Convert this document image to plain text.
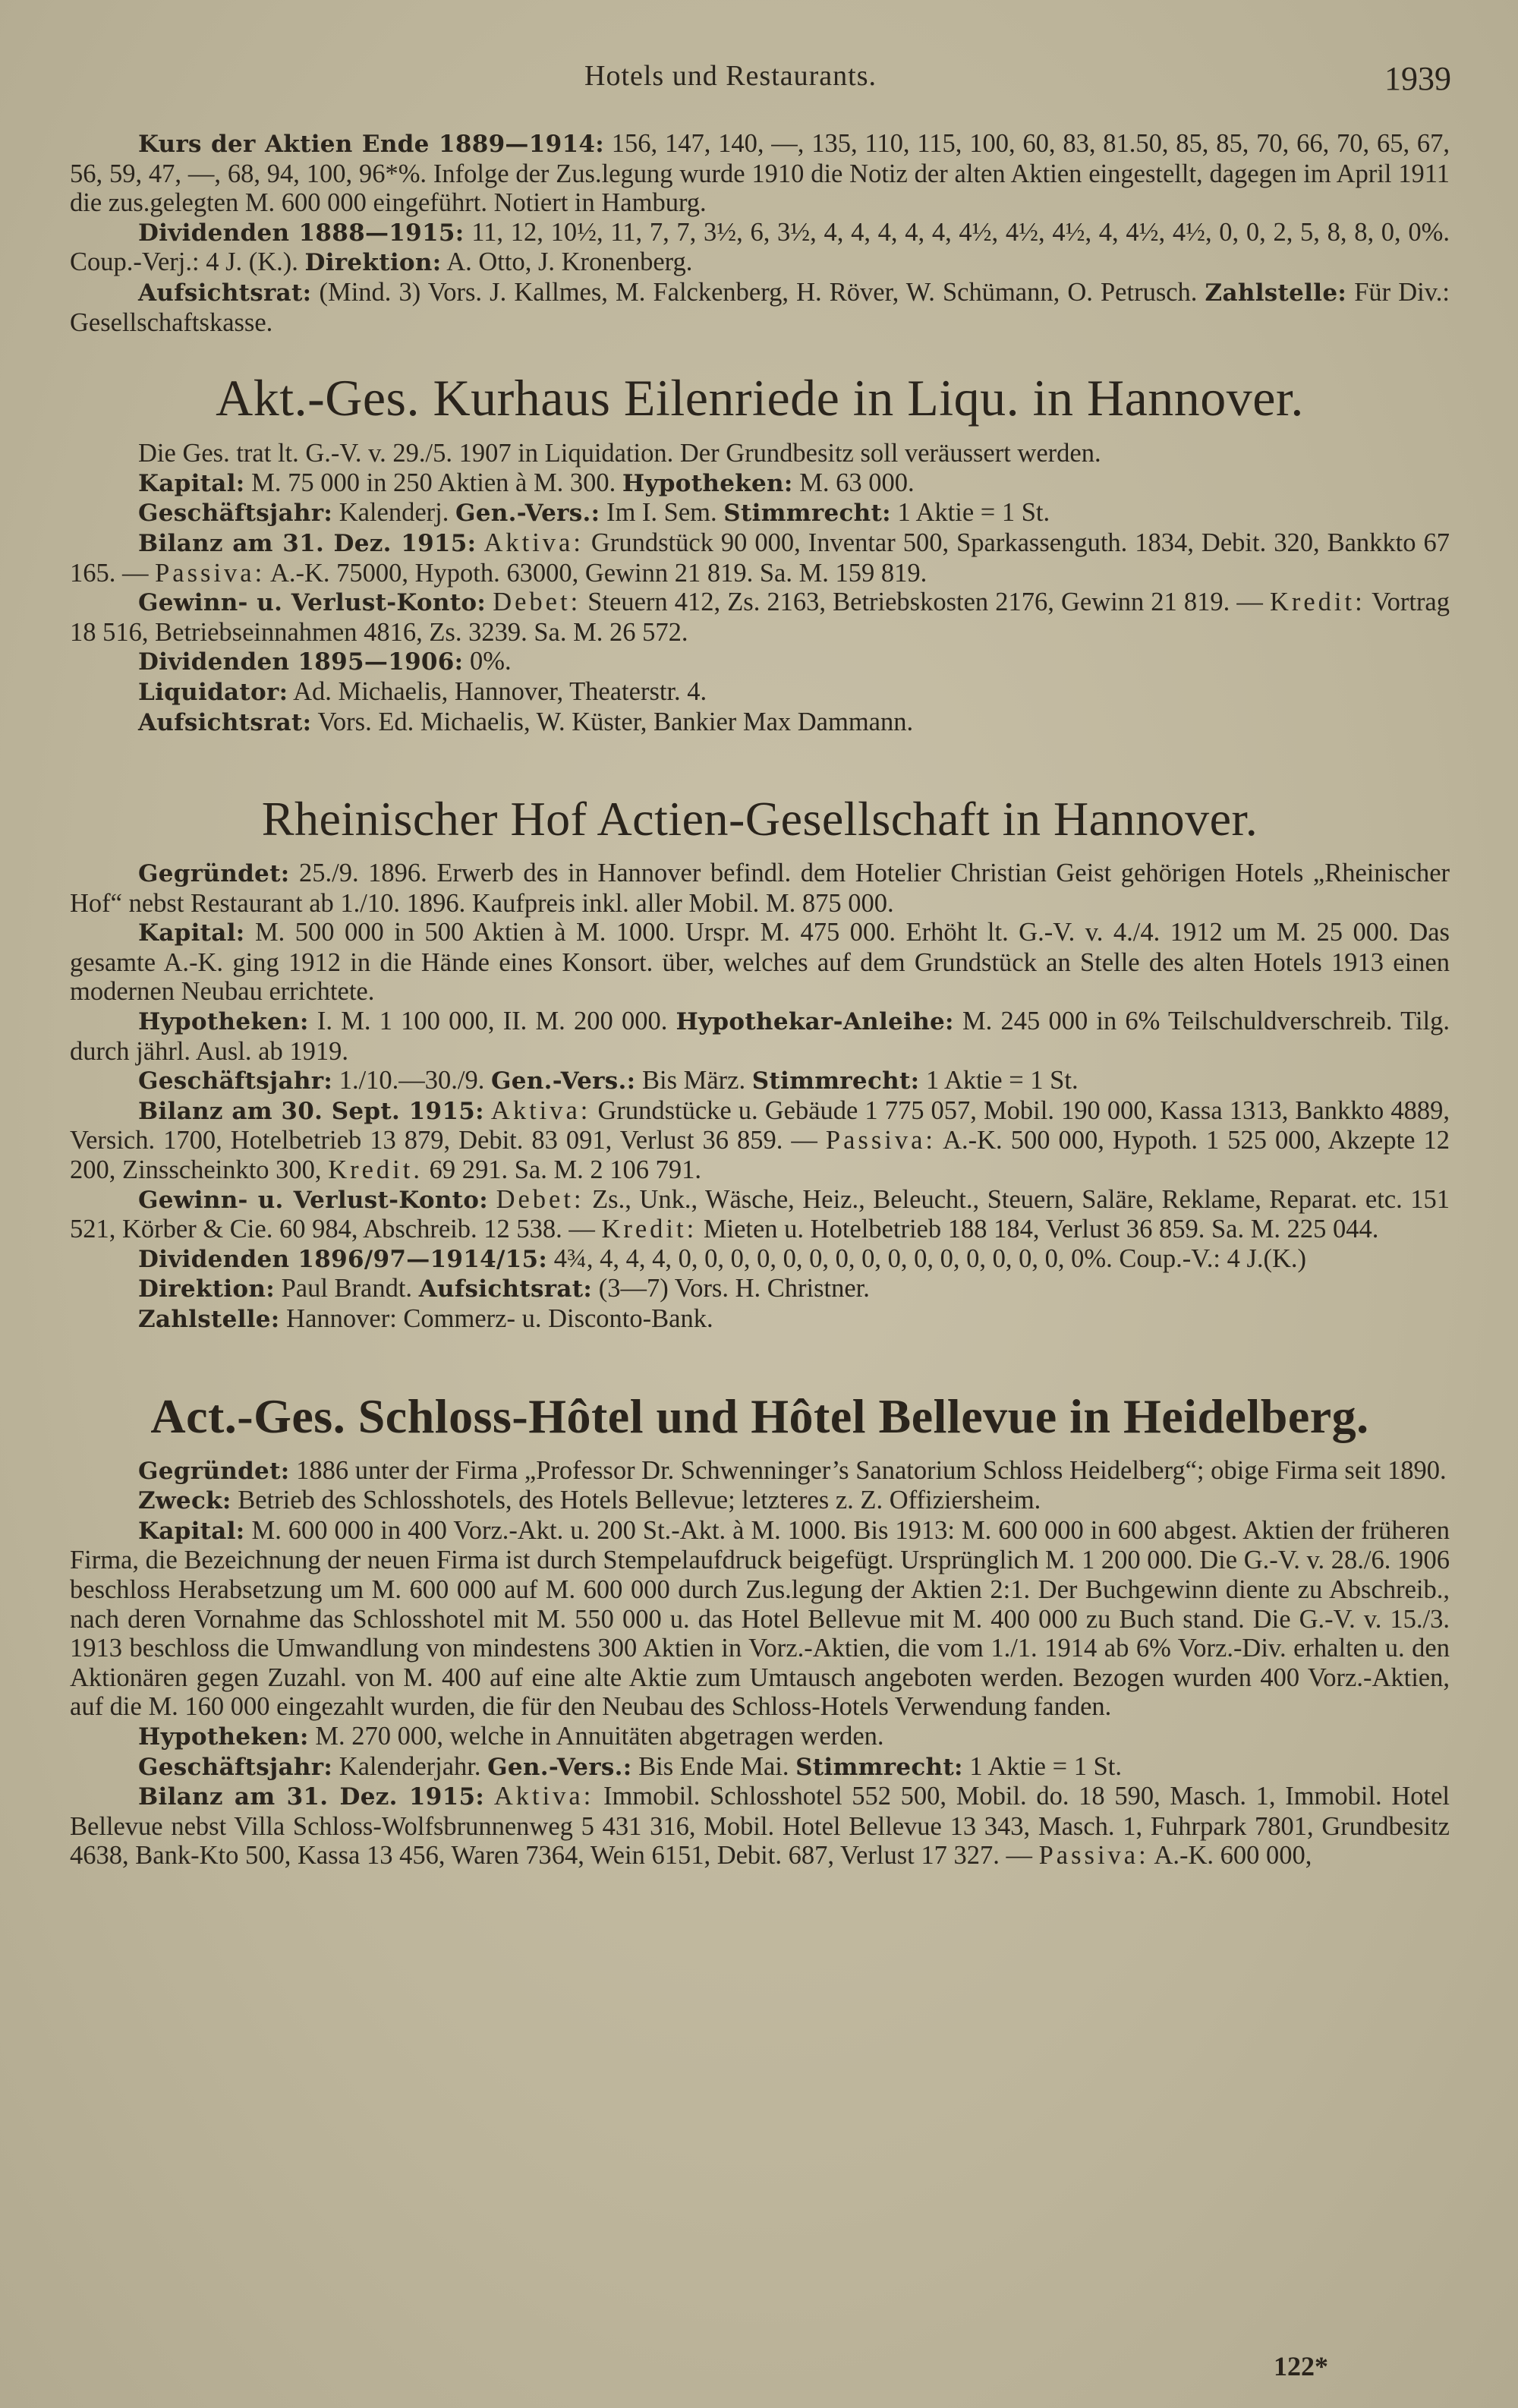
Hotels und Restaurants.	1939

Kurs der Aktien Ende 1889—1914: 156, 147, 140, —, 135, 110, 115, 100, 60, 83, 81.50, 85, 85, 70, 66, 70, 65, 67, 56, 59, 47, —, 68, 94, 100, 96*%. Infolge der Zus.legung wurde 1910 die Notiz der alten Aktien eingestellt, dagegen im April 1911 die zus.gelegten M. 600 000 eingeführt. Notiert in Hamburg.

Dividenden 1888—1915: 11, 12, 10½, 11, 7, 7, 3½, 6, 3½, 4, 4, 4, 4, 4, 4½, 4½, 4½, 4, 4½, 4½, 0, 0, 2, 5, 8, 8, 0, 0%. Coup.-Verj.: 4 J. (K.). Direktion: A. Otto, J. Kronenberg.

Aufsichtsrat: (Mind. 3) Vors. J. Kallmes, M. Falckenberg, H. Röver, W. Schümann, O. Petrusch. Zahlstelle: Für Div.: Gesellschaftskasse.

Akt.-Ges. Kurhaus Eilenriede in Liqu. in Hannover.

Die Ges. trat lt. G.-V. v. 29./5. 1907 in Liquidation. Der Grundbesitz soll veräussert werden.

Kapital: M. 75 000 in 250 Aktien à M. 300. Hypotheken: M. 63 000.

Geschäftsjahr: Kalenderj. Gen.-Vers.: Im I. Sem. Stimmrecht: 1 Aktie = 1 St.

Bilanz am 31. Dez. 1915: Aktiva: Grundstück 90 000, Inventar 500, Sparkassenguth. 1834, Debit. 320, Bankkto 67 165. — Passiva: A.-K. 75000, Hypoth. 63000, Gewinn 21 819. Sa. M. 159 819.

Gewinn- u. Verlust-Konto: Debet: Steuern 412, Zs. 2163, Betriebskosten 2176, Gewinn 21 819. — Kredit: Vortrag 18 516, Betriebseinnahmen 4816, Zs. 3239. Sa. M. 26 572.

Dividenden 1895—1906: 0%.

Liquidator: Ad. Michaelis, Hannover, Theaterstr. 4.

Aufsichtsrat: Vors. Ed. Michaelis, W. Küster, Bankier Max Dammann.

Rheinischer Hof Actien-Gesellschaft in Hannover.

Gegründet: 25./9. 1896. Erwerb des in Hannover befindl. dem Hotelier Christian Geist gehörigen Hotels „Rheinischer Hof“ nebst Restaurant ab 1./10. 1896. Kaufpreis inkl. aller Mobil. M. 875 000.

Kapital: M. 500 000 in 500 Aktien à M. 1000. Urspr. M. 475 000. Erhöht lt. G.-V. v. 4./4. 1912 um M. 25 000. Das gesamte A.-K. ging 1912 in die Hände eines Konsort. über, welches auf dem Grundstück an Stelle des alten Hotels 1913 einen modernen Neubau errichtete.

Hypotheken: I. M. 1 100 000, II. M. 200 000. Hypothekar-Anleihe: M. 245 000 in 6% Teilschuldverschreib. Tilg. durch jährl. Ausl. ab 1919.

Geschäftsjahr: 1./10.—30./9. Gen.-Vers.: Bis März. Stimmrecht: 1 Aktie = 1 St.

Bilanz am 30. Sept. 1915: Aktiva: Grundstücke u. Gebäude 1 775 057, Mobil. 190 000, Kassa 1313, Bankkto 4889, Versich. 1700, Hotelbetrieb 13 879, Debit. 83 091, Verlust 36 859. — Passiva: A.-K. 500 000, Hypoth. 1 525 000, Akzepte 12 200, Zinsscheinkto 300, Kredit. 69 291. Sa. M. 2 106 791.

Gewinn- u. Verlust-Konto: Debet: Zs., Unk., Wäsche, Heiz., Beleucht., Steuern, Saläre, Reklame, Reparat. etc. 151 521, Körber & Cie. 60 984, Abschreib. 12 538. — Kredit: Mieten u. Hotelbetrieb 188 184, Verlust 36 859. Sa. M. 225 044.

Dividenden 1896/97—1914/15: 4¾, 4, 4, 4, 0, 0, 0, 0, 0, 0, 0, 0, 0, 0, 0, 0, 0, 0, 0, 0%. Coup.-V.: 4 J.(K.)

Direktion: Paul Brandt. Aufsichtsrat: (3—7) Vors. H. Christner.

Zahlstelle: Hannover: Commerz- u. Disconto-Bank.

Act.-Ges. Schloss-Hôtel und Hôtel Bellevue in Heidelberg.

Gegründet: 1886 unter der Firma „Professor Dr. Schwenninger’s Sanatorium Schloss Heidelberg“; obige Firma seit 1890.

Zweck: Betrieb des Schlosshotels, des Hotels Bellevue; letzteres z. Z. Offiziersheim.

Kapital: M. 600 000 in 400 Vorz.-Akt. u. 200 St.-Akt. à M. 1000. Bis 1913: M. 600 000 in 600 abgest. Aktien der früheren Firma, die Bezeichnung der neuen Firma ist durch Stempelaufdruck beigefügt. Ursprünglich M. 1 200 000. Die G.-V. v. 28./6. 1906 beschloss Herabsetzung um M. 600 000 auf M. 600 000 durch Zus.legung der Aktien 2:1. Der Buchgewinn diente zu Abschreib., nach deren Vornahme das Schlosshotel mit M. 550 000 u. das Hotel Bellevue mit M. 400 000 zu Buch stand. Die G.-V. v. 15./3. 1913 beschloss die Umwandlung von mindestens 300 Aktien in Vorz.-Aktien, die vom 1./1. 1914 ab 6% Vorz.-Div. erhalten u. den Aktionären gegen Zuzahl. von M. 400 auf eine alte Aktie zum Umtausch angeboten werden. Bezogen wurden 400 Vorz.-Aktien, auf die M. 160 000 eingezahlt wurden, die für den Neubau des Schloss-Hotels Verwendung fanden.

Hypotheken: M. 270 000, welche in Annuitäten abgetragen werden.

Geschäftsjahr: Kalenderjahr. Gen.-Vers.: Bis Ende Mai. Stimmrecht: 1 Aktie = 1 St.

Bilanz am 31. Dez. 1915: Aktiva: Immobil. Schlosshotel 552 500, Mobil. do. 18 590, Masch. 1, Immobil. Hotel Bellevue nebst Villa Schloss-Wolfsbrunnenweg 5 431 316, Mobil. Hotel Bellevue 13 343, Masch. 1, Fuhrpark 7801, Grundbesitz 4638, Bank-Kto 500, Kassa 13 456, Waren 7364, Wein 6151, Debit. 687, Verlust 17 327. — Passiva: A.-K. 600 000,

122*
